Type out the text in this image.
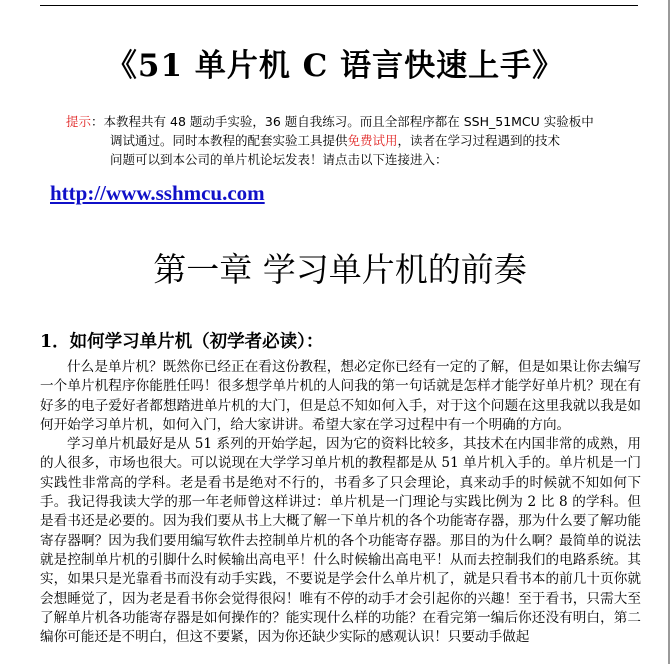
《51 单片机 C 语言快速上手》
提示：本教程共有 48 题动手实验，36 题自我练习。而且全部程序都在 SSH_51MCU 实验板中
调试通过。同时本教程的配套实验工具提供免费试用，读者在学习过程遇到的技术
问题可以到本公司的单片机论坛发表！请点击以下连接进入：
http://www.sshmcu.com
第一章 学习单片机的前奏
1．如何学习单片机（初学者必读）：

什么是单片机？既然你已经正在看这份教程，想必定你已经有一定的了解，但是如果让你去编写一个单片机程序你能胜任吗！很多想学单片机的人问我的第一句话就是怎样才能学好单片机？现在有好多的电子爱好者都想踏进单片机的大门，但是总不知如何入手，对于这个问题在这里我就以我是如何开始学习单片机，如何入门，给大家讲讲。希望大家在学习过程中有一个明确的方向。

学习单片机最好是从 51 系列的开始学起，因为它的资料比较多，其技术在内国非常的成熟，用的人很多，市场也很大。可以说现在大学学习单片机的教程都是从 51 单片机入手的。单片机是一门实践性非常高的学科。老是看书是绝对不行的，书看多了只会理论，真来动手的时候就不知如何下手。我记得我读大学的那一年老师曾这样讲过：单片机是一门理论与实践比例为 2 比 8 的学科。但是看书还是必要的。因为我们要从书上大概了解一下单片机的各个功能寄存器，那为什么要了解功能寄存器啊？因为我们要用编写软件去控制单片机的各个功能寄存器。那目的为什么啊？最简单的说法就是控制单片机的引脚什么时候输出高电平！什么时候输出高电平！从而去控制我们的电路系统。其实，如果只是光靠看书而没有动手实践，不要说是学会什么单片机了，就是只看书本的前几十页你就会想睡觉了，因为老是看书你会觉得很闷！唯有不停的动手才会引起你的兴趣！至于看书，只需大至了解单片机各功能寄存器是如何操作的？能实现什么样的功能？在看完第一编后你还没有明白，第二编你可能还是不明白，但这不要紧，因为你还缺少实际的感观认识！只要动手做起
